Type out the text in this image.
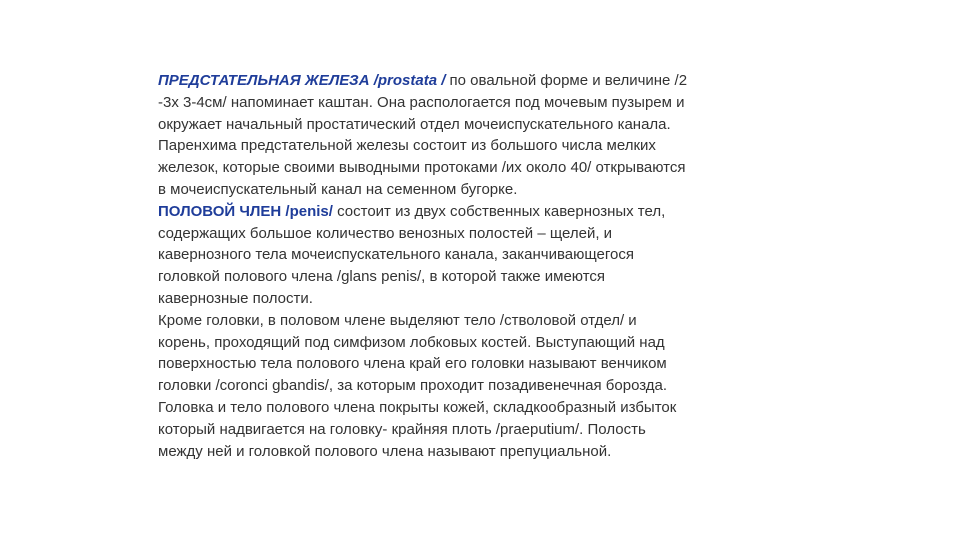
ПРЕДСТАТЕЛЬНАЯ ЖЕЛЕЗА /prostata / по овальной форме и величине /2
-3х 3-4см/ напоминает каштан. Она распологается под мочевым пузырем и
окружает начальный простатический отдел мочеиспускательного канала.
Паренхима предстательной железы состоит из большого числа мелких
железок, которые своими выводными протоками /их около 40/ открываются
в мочеиспускательный канал на семенном бугорке.
ПОЛОВОЙ ЧЛЕН /penis/ состоит из двух собственных кавернозных тел,
содержащих большое количество венозных полостей – щелей, и
кавернозного тела мочеиспускательного канала, заканчивающегося
головкой полового члена /glans penis/, в которой также имеются
кавернозные полости.
Кроме головки, в половом члене выделяют тело /стволовой отдел/ и
корень, проходящий под симфизом лобковых костей. Выступающий над
поверхностью тела полового члена край его головки называют венчиком
головки /coronci gbandis/, за которым проходит позадивенечная борозда.
Головка и тело полового члена покрыты кожей, складкообразный избыток
который надвигается на головку- крайняя плоть /praeputium/. Полость
между ней и головкой полового члена называют препуциальной.
